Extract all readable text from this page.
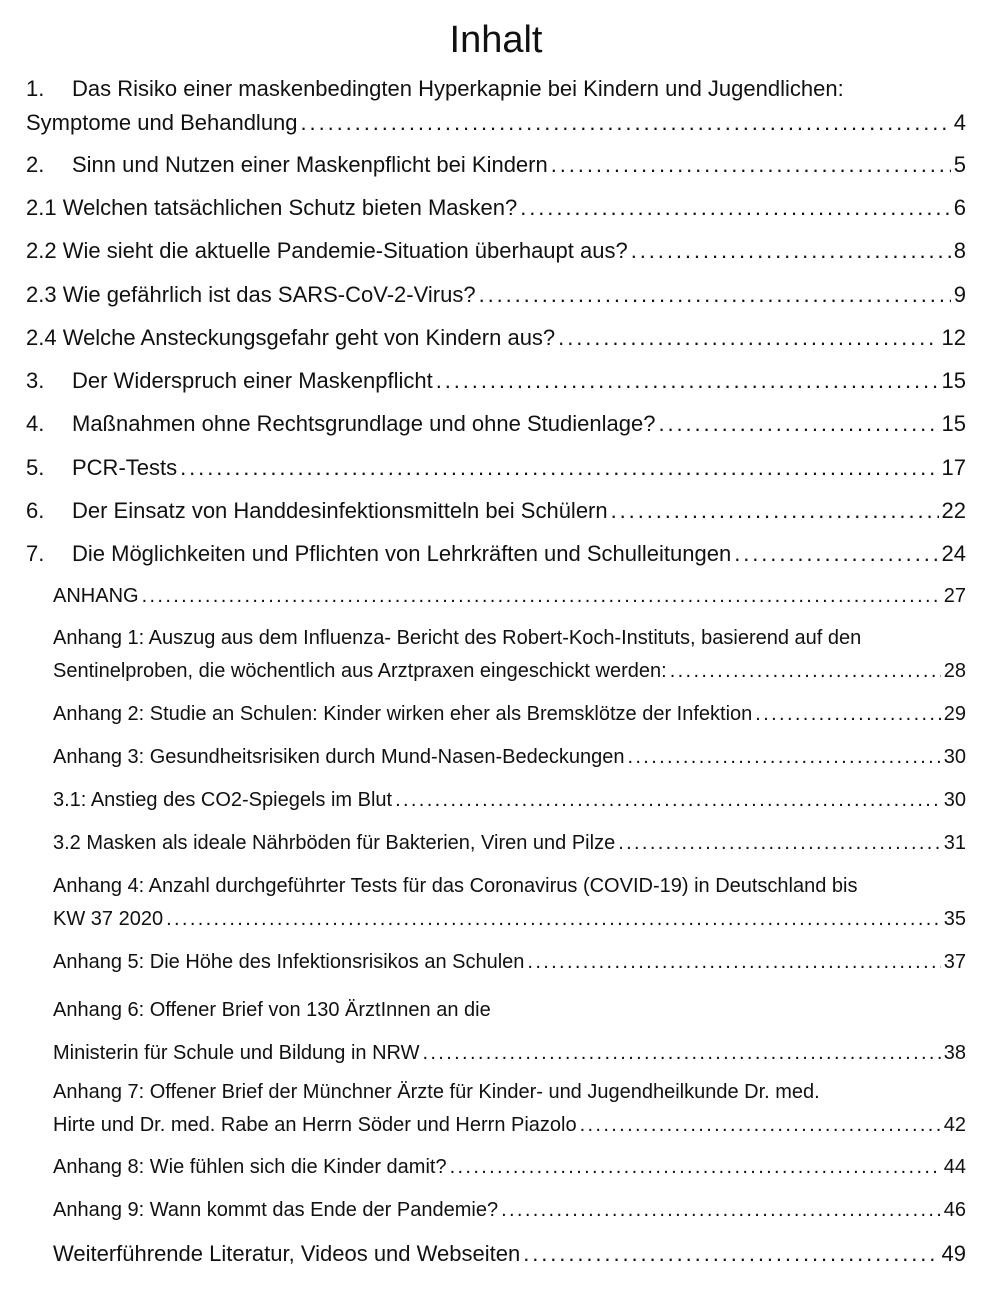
Inhalt
1. Das Risiko einer maskenbedingten Hyperkapnie bei Kindern und Jugendlichen:
Symptome und Behandlung . . .	4
2.	Sinn und Nutzen einer Maskenpflicht bei Kindern . . .	5
2.1 Welchen tatsächlichen Schutz bieten Masken? . . .	6
2.2 Wie sieht die aktuelle Pandemie-Situation überhaupt aus? . . .	8
2.3 Wie gefährlich ist das SARS-CoV-2-Virus? . . .	9
2.4 Welche Ansteckungsgefahr geht von Kindern aus? . . .	12
3.	Der Widerspruch einer Maskenpflicht . . .	15
4.	Maßnahmen ohne Rechtsgrundlage und ohne Studienlage? . . .	15
5.	PCR-Tests . . .	17
6.	Der Einsatz von Handdesinfektionsmitteln bei Schülern . . .	22
7.	Die Möglichkeiten und Pflichten von Lehrkräften und Schulleitungen . . .	24
ANHANG . . .	27
Anhang 1: Auszug aus dem Influenza- Bericht des Robert-Koch-Instituts, basierend auf den
Sentinelproben, die wöchentlich aus Arztpraxen eingeschickt werden: . . .	28
Anhang 2: Studie an Schulen: Kinder wirken eher als Bremsklötze der Infektion . . .	29
Anhang 3: Gesundheitsrisiken durch Mund-Nasen-Bedeckungen . . .	30
3.1: Anstieg des CO2-Spiegels im Blut . . .	30
3.2 Masken als ideale Nährböden für Bakterien, Viren und Pilze . . .	31
Anhang 4: Anzahl durchgeführter Tests für das Coronavirus (COVID-19) in Deutschland bis
KW 37 2020 . . .	35
Anhang 5: Die Höhe des Infektionsrisikos an Schulen . . .	37
Anhang 6: Offener Brief von 130 ÄrztInnen an die
Ministerin für Schule und Bildung in NRW . . .	38
Anhang 7: Offener Brief der Münchner Ärzte für Kinder- und Jugendheilkunde Dr. med.
Hirte und Dr. med. Rabe an Herrn Söder und Herrn Piazolo . . .	42
Anhang 8: Wie fühlen sich die Kinder damit? . . .	44
Anhang 9: Wann kommt das Ende der Pandemie? . . .	46
Weiterführende Literatur, Videos und Webseiten . . .	49
